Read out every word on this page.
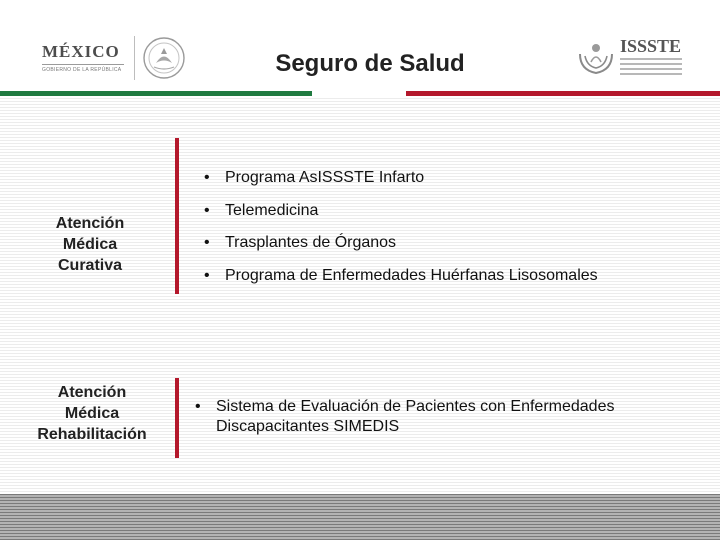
MÉXICO
GOBIERNO DE LA REPÚBLICA	Seguro de Salud
ISSSTE
Atención
Médica
Curativa
• Programa AsISSSTE Infarto
• Telemedicina
• Trasplantes de Órganos
• Programa de Enfermedades Huérfanas Lisosomales
Atención
Médica
Rehabilitación
• Sistema de Evaluación de Pacientes con Enfermedades Discapacitantes SIMEDIS
